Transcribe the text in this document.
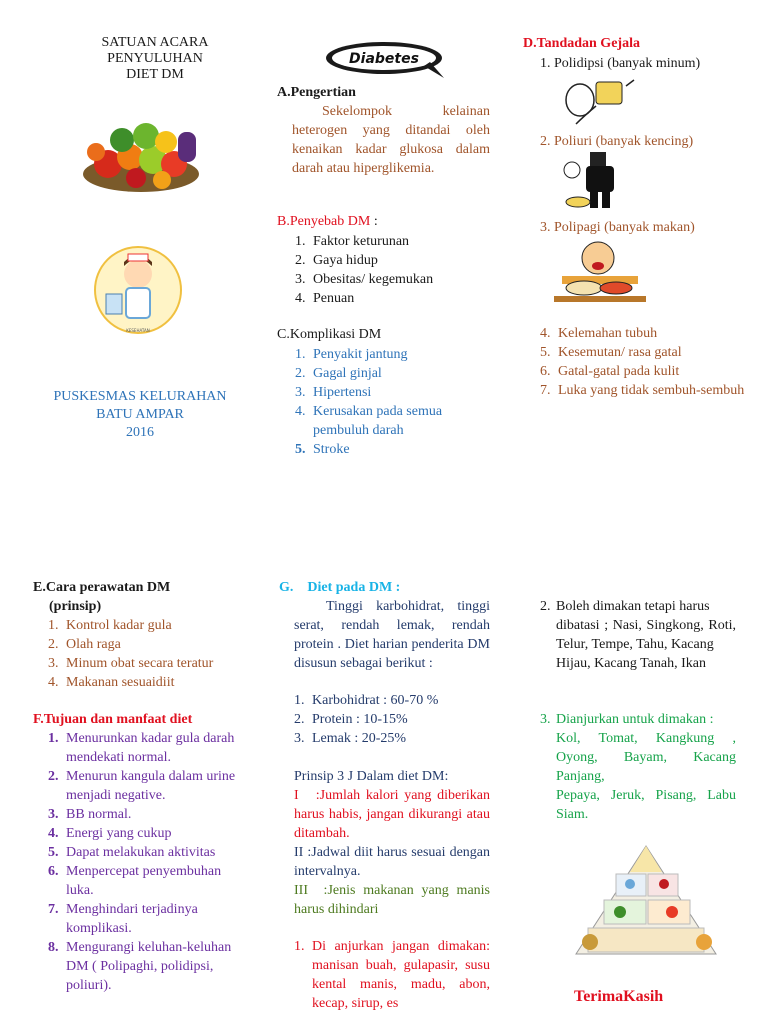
SATUAN ACARA
PENYULUHAN
DIET DM
KESEHATAN
PUSKESMAS KELURAHAN
BATU AMPAR
2016
Diabetes
A.Pengertian

Sekelompok kelainan heterogen yang ditandai oleh kenaikan kadar glukosa dalam darah atau hiperglikemia.

B.Penyebab DM :
1. Faktor keturunan
2. Gaya hidup
3. Obesitas/ kegemukan
4. Penuan
C.Komplikasi DM
1. Penyakit jantung
2. Gagal ginjal
3. Hipertensi
4. Kerusakan pada semua pembuluh darah
5. Stroke
D.Tandadan Gejala
1. Polidipsi (banyak minum)
2. Poliuri (banyak kencing)
3. Polipagi (banyak makan)
4. Kelemahan tubuh
5. Kesemutan/ rasa gatal
6. Gatal-gatal pada kulit
7. Luka yang tidak sembuh-sembuh
E.Cara perawatan DM
(prinsip)
1. Kontrol kadar gula
2. Olah raga
3. Minum obat secara teratur
4. Makanan sesuaidiit
F.Tujuan dan manfaat diet
1. Menurunkan kadar gula darah mendekati normal.
2. Menurun kangula dalam urine menjadi negative.
3. BB normal.
4. Energi yang cukup
5. Dapat melakukan aktivitas
6. Menpercepat penyembuhan luka.
7. Menghindari terjadinya komplikasi.
8. Mengurangi keluhan-keluhan DM ( Polipaghi, polidipsi, poliuri).
G.    Diet pada DM :

Tinggi karbohidrat, tinggi serat, rendah lemak, rendah protein . Diet harian penderita DM disusun sebagai berikut :

1. Karbohidrat : 60-70 %
2. Protein : 10-15%
3. Lemak : 20-25%
Prinsip 3 J Dalam diet DM:

I   :Jumlah kalori yang diberikan harus habis, jangan dikurangi atau ditambah.

II :Jadwal diit harus sesuai dengan intervalnya.

III  :Jenis makanan yang manis harus dihindari

1. Di anjurkan jangan dimakan: manisan buah, gulapasir, susu kental manis, madu, abon, kecap, sirup, es

2. Boleh dimakan tetapi harus

dibatasi ; Nasi, Singkong, Roti, Telur, Tempe, Tahu, Kacang

Hijau, Kacang Tanah, Ikan

3. Dianjurkan untuk dimakan :

Kol, Tomat, Kangkung , Oyong, Bayam, Kacang Panjang,

Pepaya, Jeruk, Pisang, Labu Siam.

TerimaKasih
